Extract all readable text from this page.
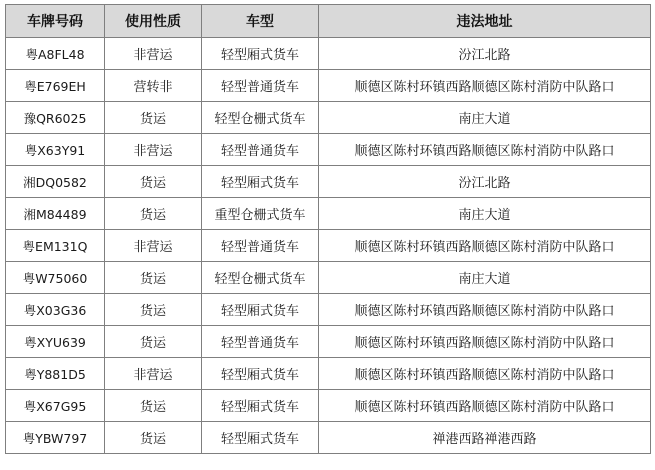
车牌号码	使用性质	车型	违法地址
粤A8FL48	非营运	轻型厢式货车	汾江北路
粤E769EH	营转非	轻型普通货车	顺德区陈村环镇西路顺德区陈村消防中队路口
豫QR6025	货运	轻型仓栅式货车	南庄大道
粤X63Y91	非营运	轻型普通货车	顺德区陈村环镇西路顺德区陈村消防中队路口
湘DQ0582	货运	轻型厢式货车	汾江北路
湘M84489	货运	重型仓栅式货车	南庄大道
粤EM131Q	非营运	轻型普通货车	顺德区陈村环镇西路顺德区陈村消防中队路口
粤W75060	货运	轻型仓栅式货车	南庄大道
粤X03G36	货运	轻型厢式货车	顺德区陈村环镇西路顺德区陈村消防中队路口
粤XYU639	货运	轻型普通货车	顺德区陈村环镇西路顺德区陈村消防中队路口
粤Y881D5	非营运	轻型厢式货车	顺德区陈村环镇西路顺德区陈村消防中队路口
粤X67G95	货运	轻型厢式货车	顺德区陈村环镇西路顺德区陈村消防中队路口
粤YBW797	货运	轻型厢式货车	禅港西路禅港西路
